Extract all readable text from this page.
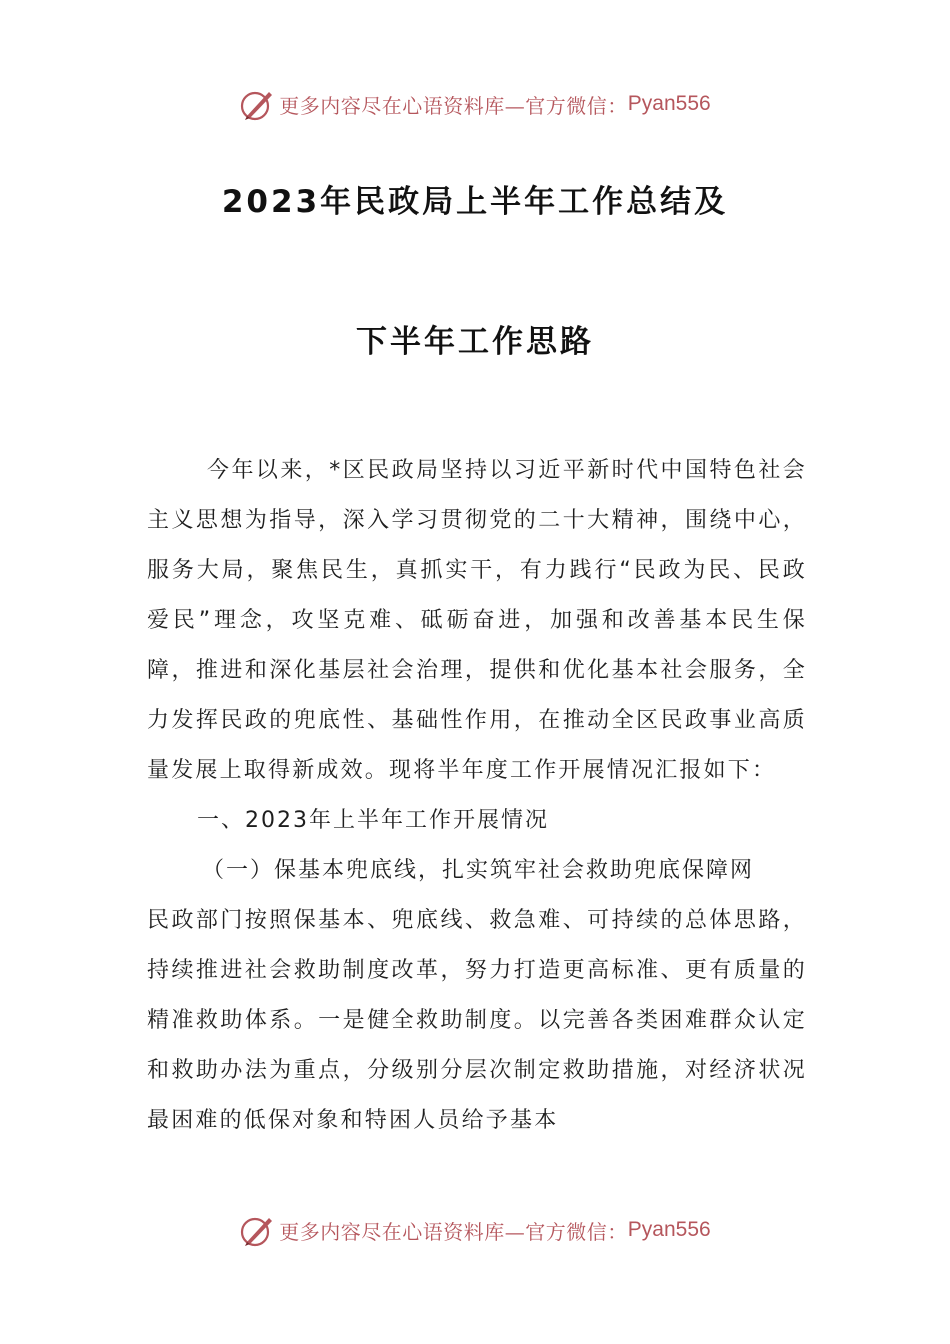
更多内容尽在心语资料库—官方微信： Pyan556
2023年民政局上半年工作总结及
下半年工作思路

今年以来，*区民政局坚持以习近平新时代中国特色社会主义思想为指导，深入学习贯彻党的二十大精神，围绕中心，服务大局，聚焦民生，真抓实干，有力践行“民政为民、民政爱民”理念，攻坚克难、砥砺奋进，加强和改善基本民生保障，推进和深化基层社会治理，提供和优化基本社会服务，全力发挥民政的兜底性、基础性作用，在推动全区民政事业高质量发展上取得新成效。现将半年度工作开展情况汇报如下：

一、2023年上半年工作开展情况

（一）保基本兜底线，扎实筑牢社会救助兜底保障网

民政部门按照保基本、兜底线、救急难、可持续的总体思路，持续推进社会救助制度改革，努力打造更高标准、更有质量的精准救助体系。一是健全救助制度。以完善各类困难群众认定和救助办法为重点，分级别分层次制定救助措施，对经济状况最困难的低保对象和特困人员给予基本

更多内容尽在心语资料库—官方微信： Pyan556
